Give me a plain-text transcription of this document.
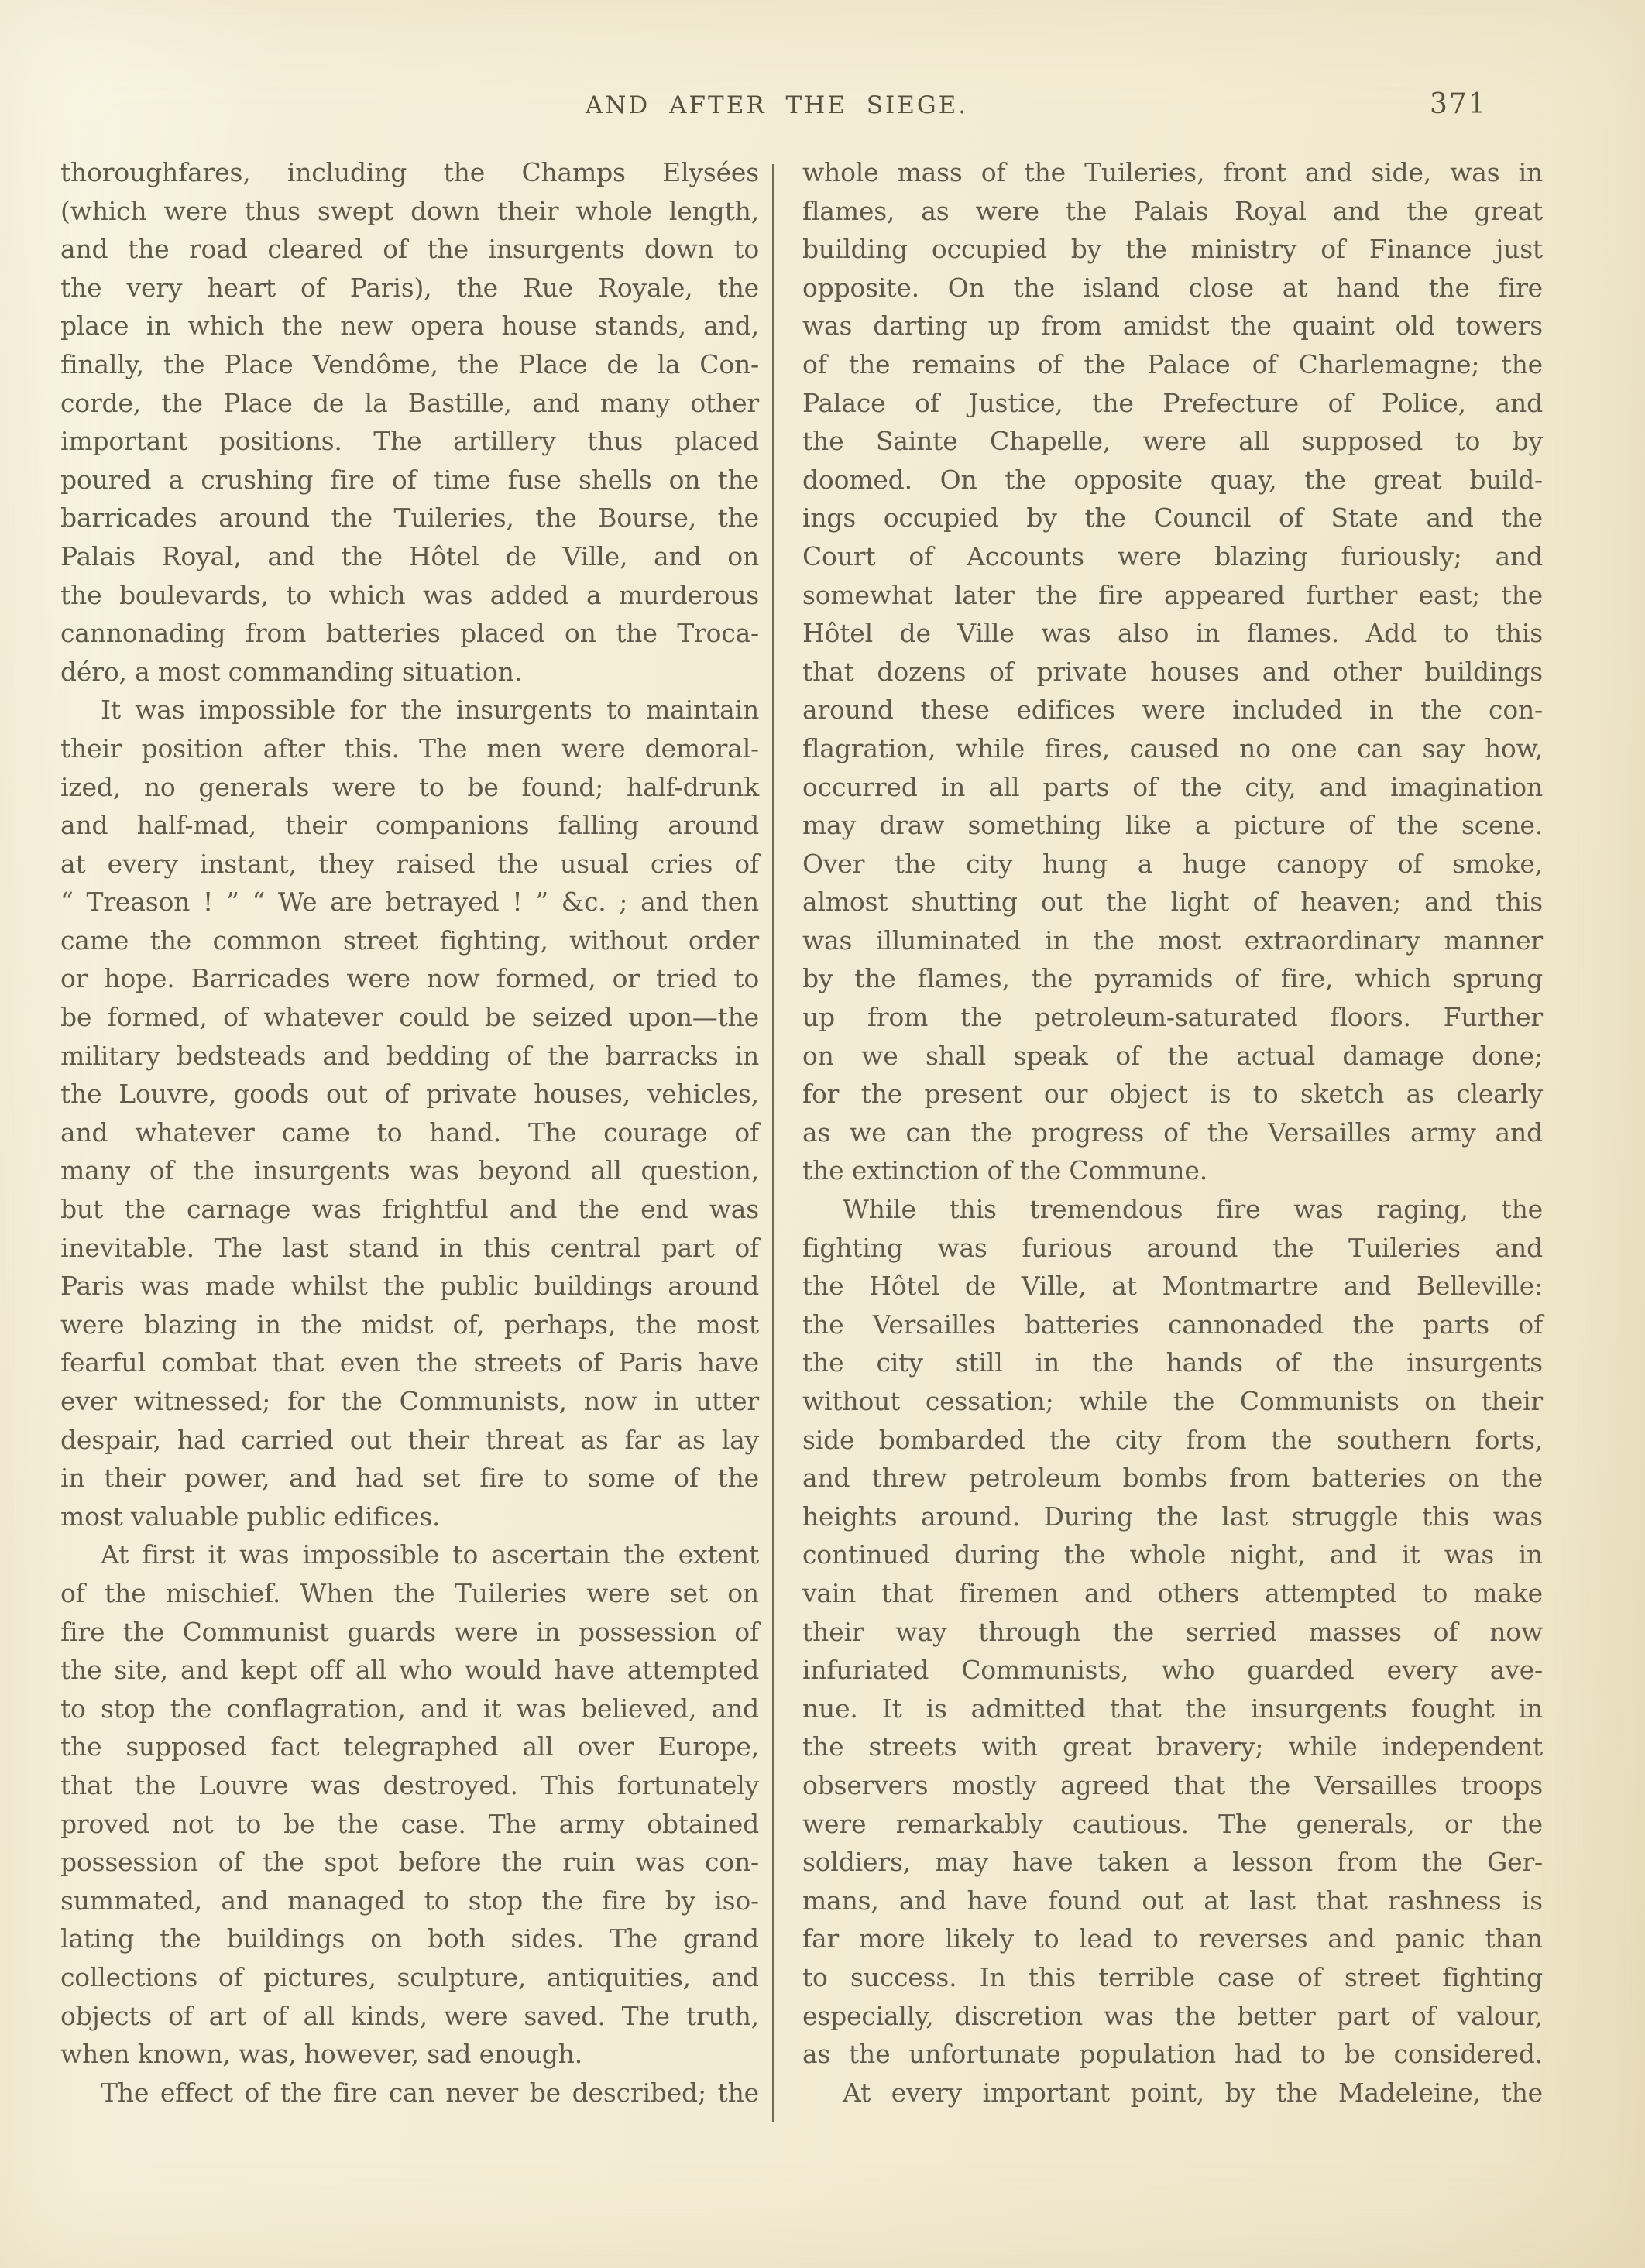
AND AFTER THE SIEGE.	371
thoroughfares, including the Champs Elysées
(which were thus swept down their whole length,
and the road cleared of the insurgents down to
the very heart of Paris), the Rue Royale, the
place in which the new opera house stands, and,
finally, the Place Vendôme, the Place de la Con-
corde, the Place de la Bastille, and many other
important positions. The artillery thus placed
poured a crushing fire of time fuse shells on the
barricades around the Tuileries, the Bourse, the
Palais Royal, and the Hôtel de Ville, and on
the boulevards, to which was added a murderous
cannonading from batteries placed on the Troca-
déro, a most commanding situation.
It was impossible for the insurgents to maintain
their position after this. The men were demoral-
ized, no generals were to be found; half-drunk
and half-mad, their companions falling around
at every instant, they raised the usual cries of
“ Treason ! ” “ We are betrayed ! ” &c. ; and then
came the common street fighting, without order
or hope. Barricades were now formed, or tried to
be formed, of whatever could be seized upon—the
military bedsteads and bedding of the barracks in
the Louvre, goods out of private houses, vehicles,
and whatever came to hand. The courage of
many of the insurgents was beyond all question,
but the carnage was frightful and the end was
inevitable. The last stand in this central part of
Paris was made whilst the public buildings around
were blazing in the midst of, perhaps, the most
fearful combat that even the streets of Paris have
ever witnessed; for the Communists, now in utter
despair, had carried out their threat as far as lay
in their power, and had set fire to some of the
most valuable public edifices.
At first it was impossible to ascertain the extent
of the mischief. When the Tuileries were set on
fire the Communist guards were in possession of
the site, and kept off all who would have attempted
to stop the conflagration, and it was believed, and
the supposed fact telegraphed all over Europe,
that the Louvre was destroyed. This fortunately
proved not to be the case. The army obtained
possession of the spot before the ruin was con-
summated, and managed to stop the fire by iso-
lating the buildings on both sides. The grand
collections of pictures, sculpture, antiquities, and
objects of art of all kinds, were saved. The truth,
when known, was, however, sad enough.
The effect of the fire can never be described; the
whole mass of the Tuileries, front and side, was in
flames, as were the Palais Royal and the great
building occupied by the ministry of Finance just
opposite. On the island close at hand the fire
was darting up from amidst the quaint old towers
of the remains of the Palace of Charlemagne; the
Palace of Justice, the Prefecture of Police, and
the Sainte Chapelle, were all supposed to by
doomed. On the opposite quay, the great build-
ings occupied by the Council of State and the
Court of Accounts were blazing furiously; and
somewhat later the fire appeared further east; the
Hôtel de Ville was also in flames. Add to this
that dozens of private houses and other buildings
around these edifices were included in the con-
flagration, while fires, caused no one can say how,
occurred in all parts of the city, and imagination
may draw something like a picture of the scene.
Over the city hung a huge canopy of smoke,
almost shutting out the light of heaven; and this
was illuminated in the most extraordinary manner
by the flames, the pyramids of fire, which sprung
up from the petroleum-saturated floors. Further
on we shall speak of the actual damage done;
for the present our object is to sketch as clearly
as we can the progress of the Versailles army and
the extinction of the Commune.
While this tremendous fire was raging, the
fighting was furious around the Tuileries and
the Hôtel de Ville, at Montmartre and Belleville:
the Versailles batteries cannonaded the parts of
the city still in the hands of the insurgents
without cessation; while the Communists on their
side bombarded the city from the southern forts,
and threw petroleum bombs from batteries on the
heights around. During the last struggle this was
continued during the whole night, and it was in
vain that firemen and others attempted to make
their way through the serried masses of now
infuriated Communists, who guarded every ave-
nue. It is admitted that the insurgents fought in
the streets with great bravery; while independent
observers mostly agreed that the Versailles troops
were remarkably cautious. The generals, or the
soldiers, may have taken a lesson from the Ger-
mans, and have found out at last that rashness is
far more likely to lead to reverses and panic than
to success. In this terrible case of street fighting
especially, discretion was the better part of valour,
as the unfortunate population had to be considered.
At every important point, by the Madeleine, the
